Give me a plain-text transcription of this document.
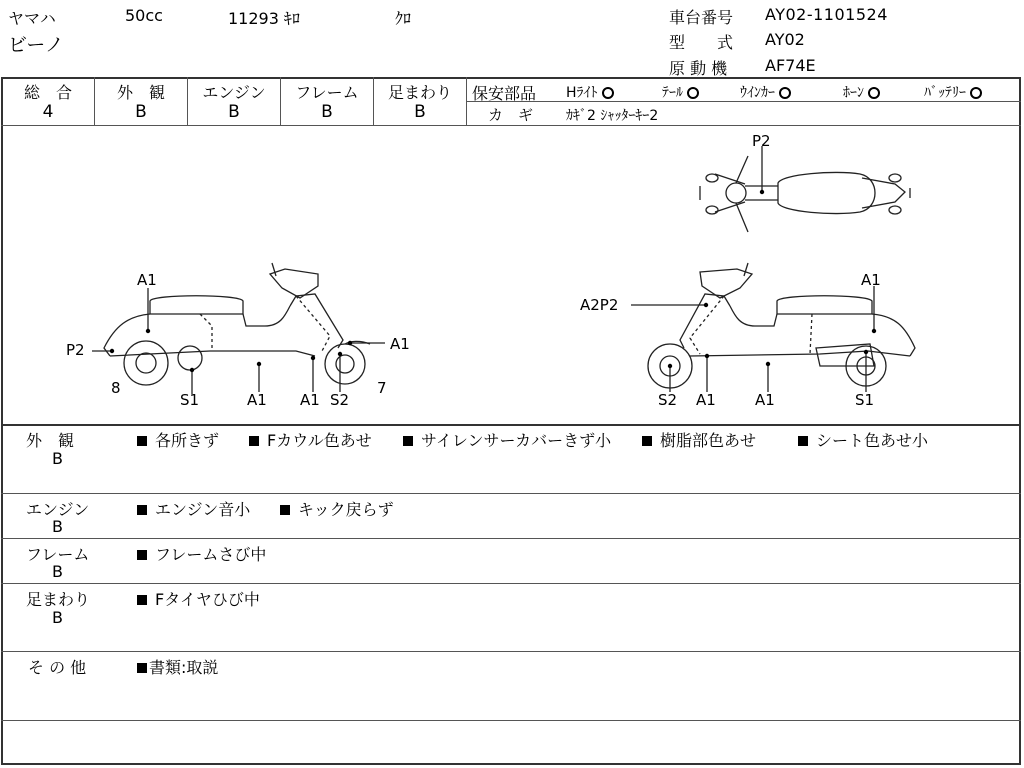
ヤマハ	50cc	11293 ｷﾛ	ｸﾛ
ビーノ
車台番号 AY02-1101524
型　　式 AY02
原 動 機 AF74E
総　合
4
外　観
B
エンジン
B
フレーム
B
足まわり
B
保安部品 Hﾗｲﾄ	ﾃｰﾙ	ｳｲﾝｶｰ	ﾎｰﾝ	ﾊﾞｯﾃﾘｰ
カ　ギ ｶｷﾞ2 ｼｬｯﾀｰｷｰ2
P2
A1
P2
8
S1	A1 A1 S2
7
A1
A2P2
A1
S2 A1	A1	S1
外　観
B
各所きず	Fカウル色あせ	サイレンサーカバーきず小	樹脂部色あせ	シート色あせ小
エンジン
B
エンジン音小	キック戻らず
フレーム
B
フレームさび中
足まわり
B
Fタイヤひび中
そ の 他	書類:取説
